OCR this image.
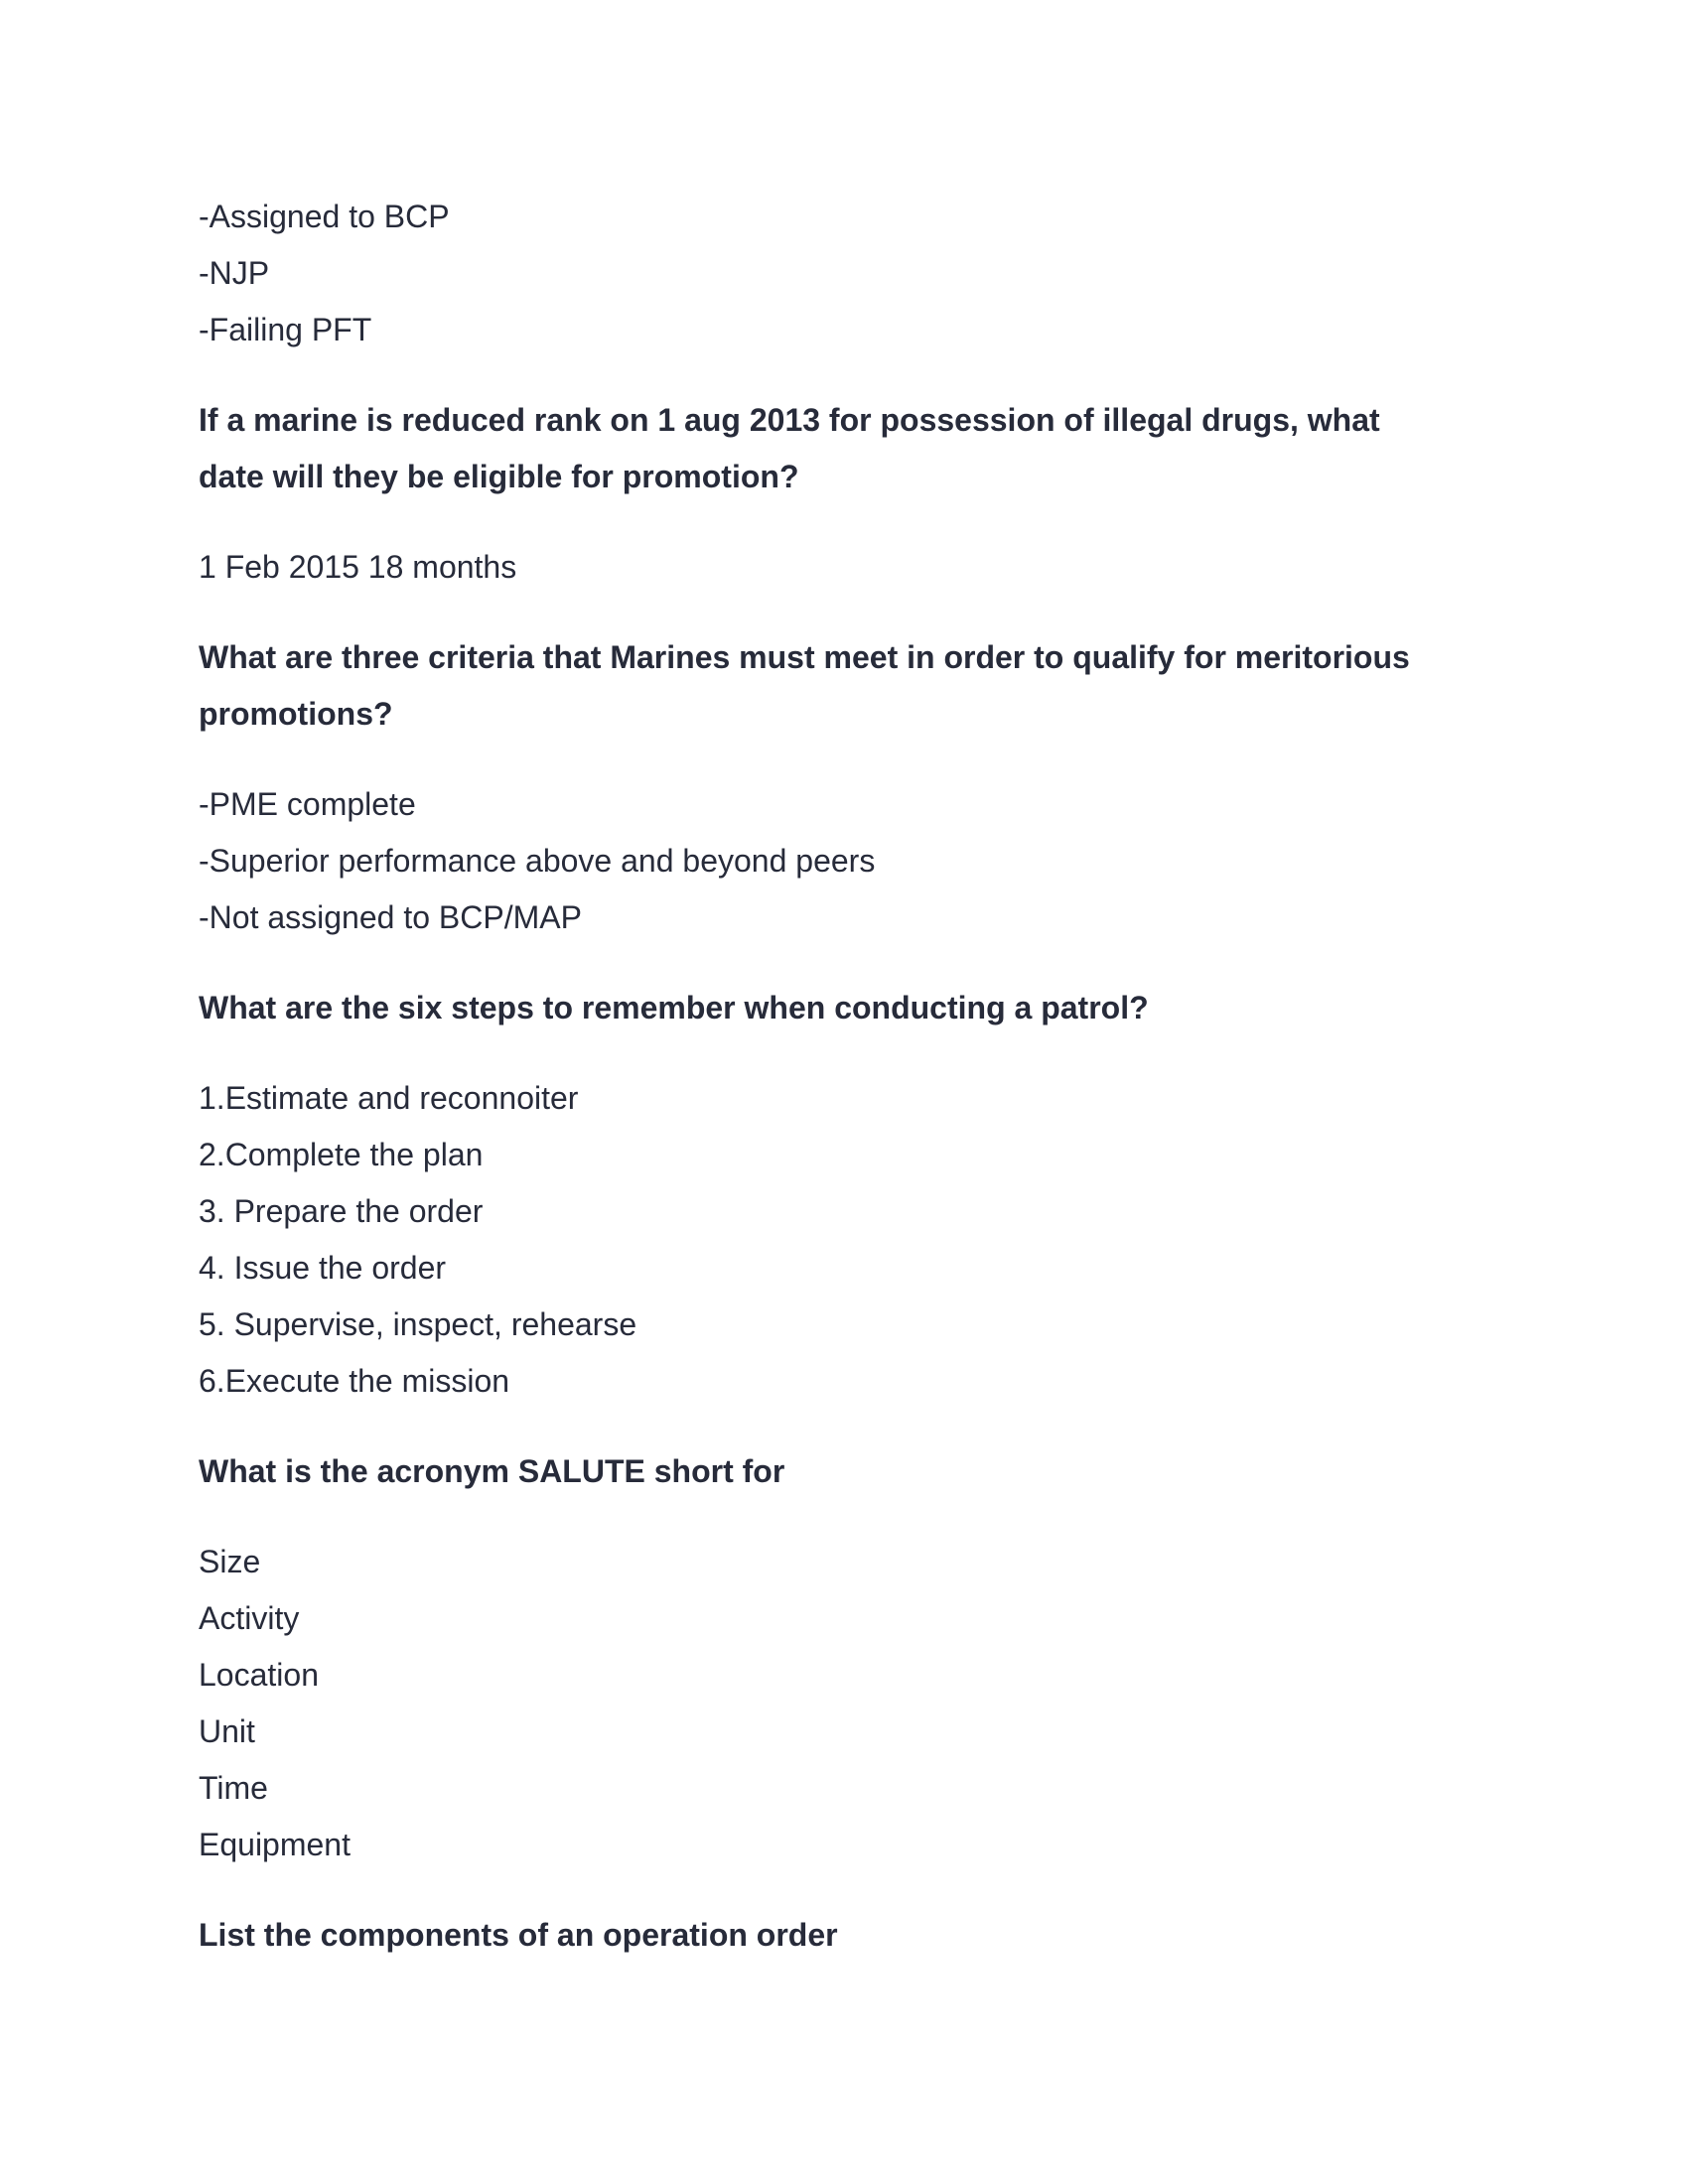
-Assigned to BCP
-NJP
-Failing PFT
If a marine is reduced rank on 1 aug 2013 for possession of illegal drugs, what
date will they be eligible for promotion?
1 Feb 2015 18 months
What are three criteria that Marines must meet in order to qualify for meritorious
promotions?
-PME complete
-Superior performance above and beyond peers
-Not assigned to BCP/MAP
What are the six steps to remember when conducting a patrol?
1.Estimate and reconnoiter
2.Complete the plan
3. Prepare the order
4. Issue the order
5. Supervise, inspect, rehearse
6.Execute the mission
What is the acronym SALUTE short for
Size
Activity
Location
Unit
Time
Equipment
List the components of an operation order
